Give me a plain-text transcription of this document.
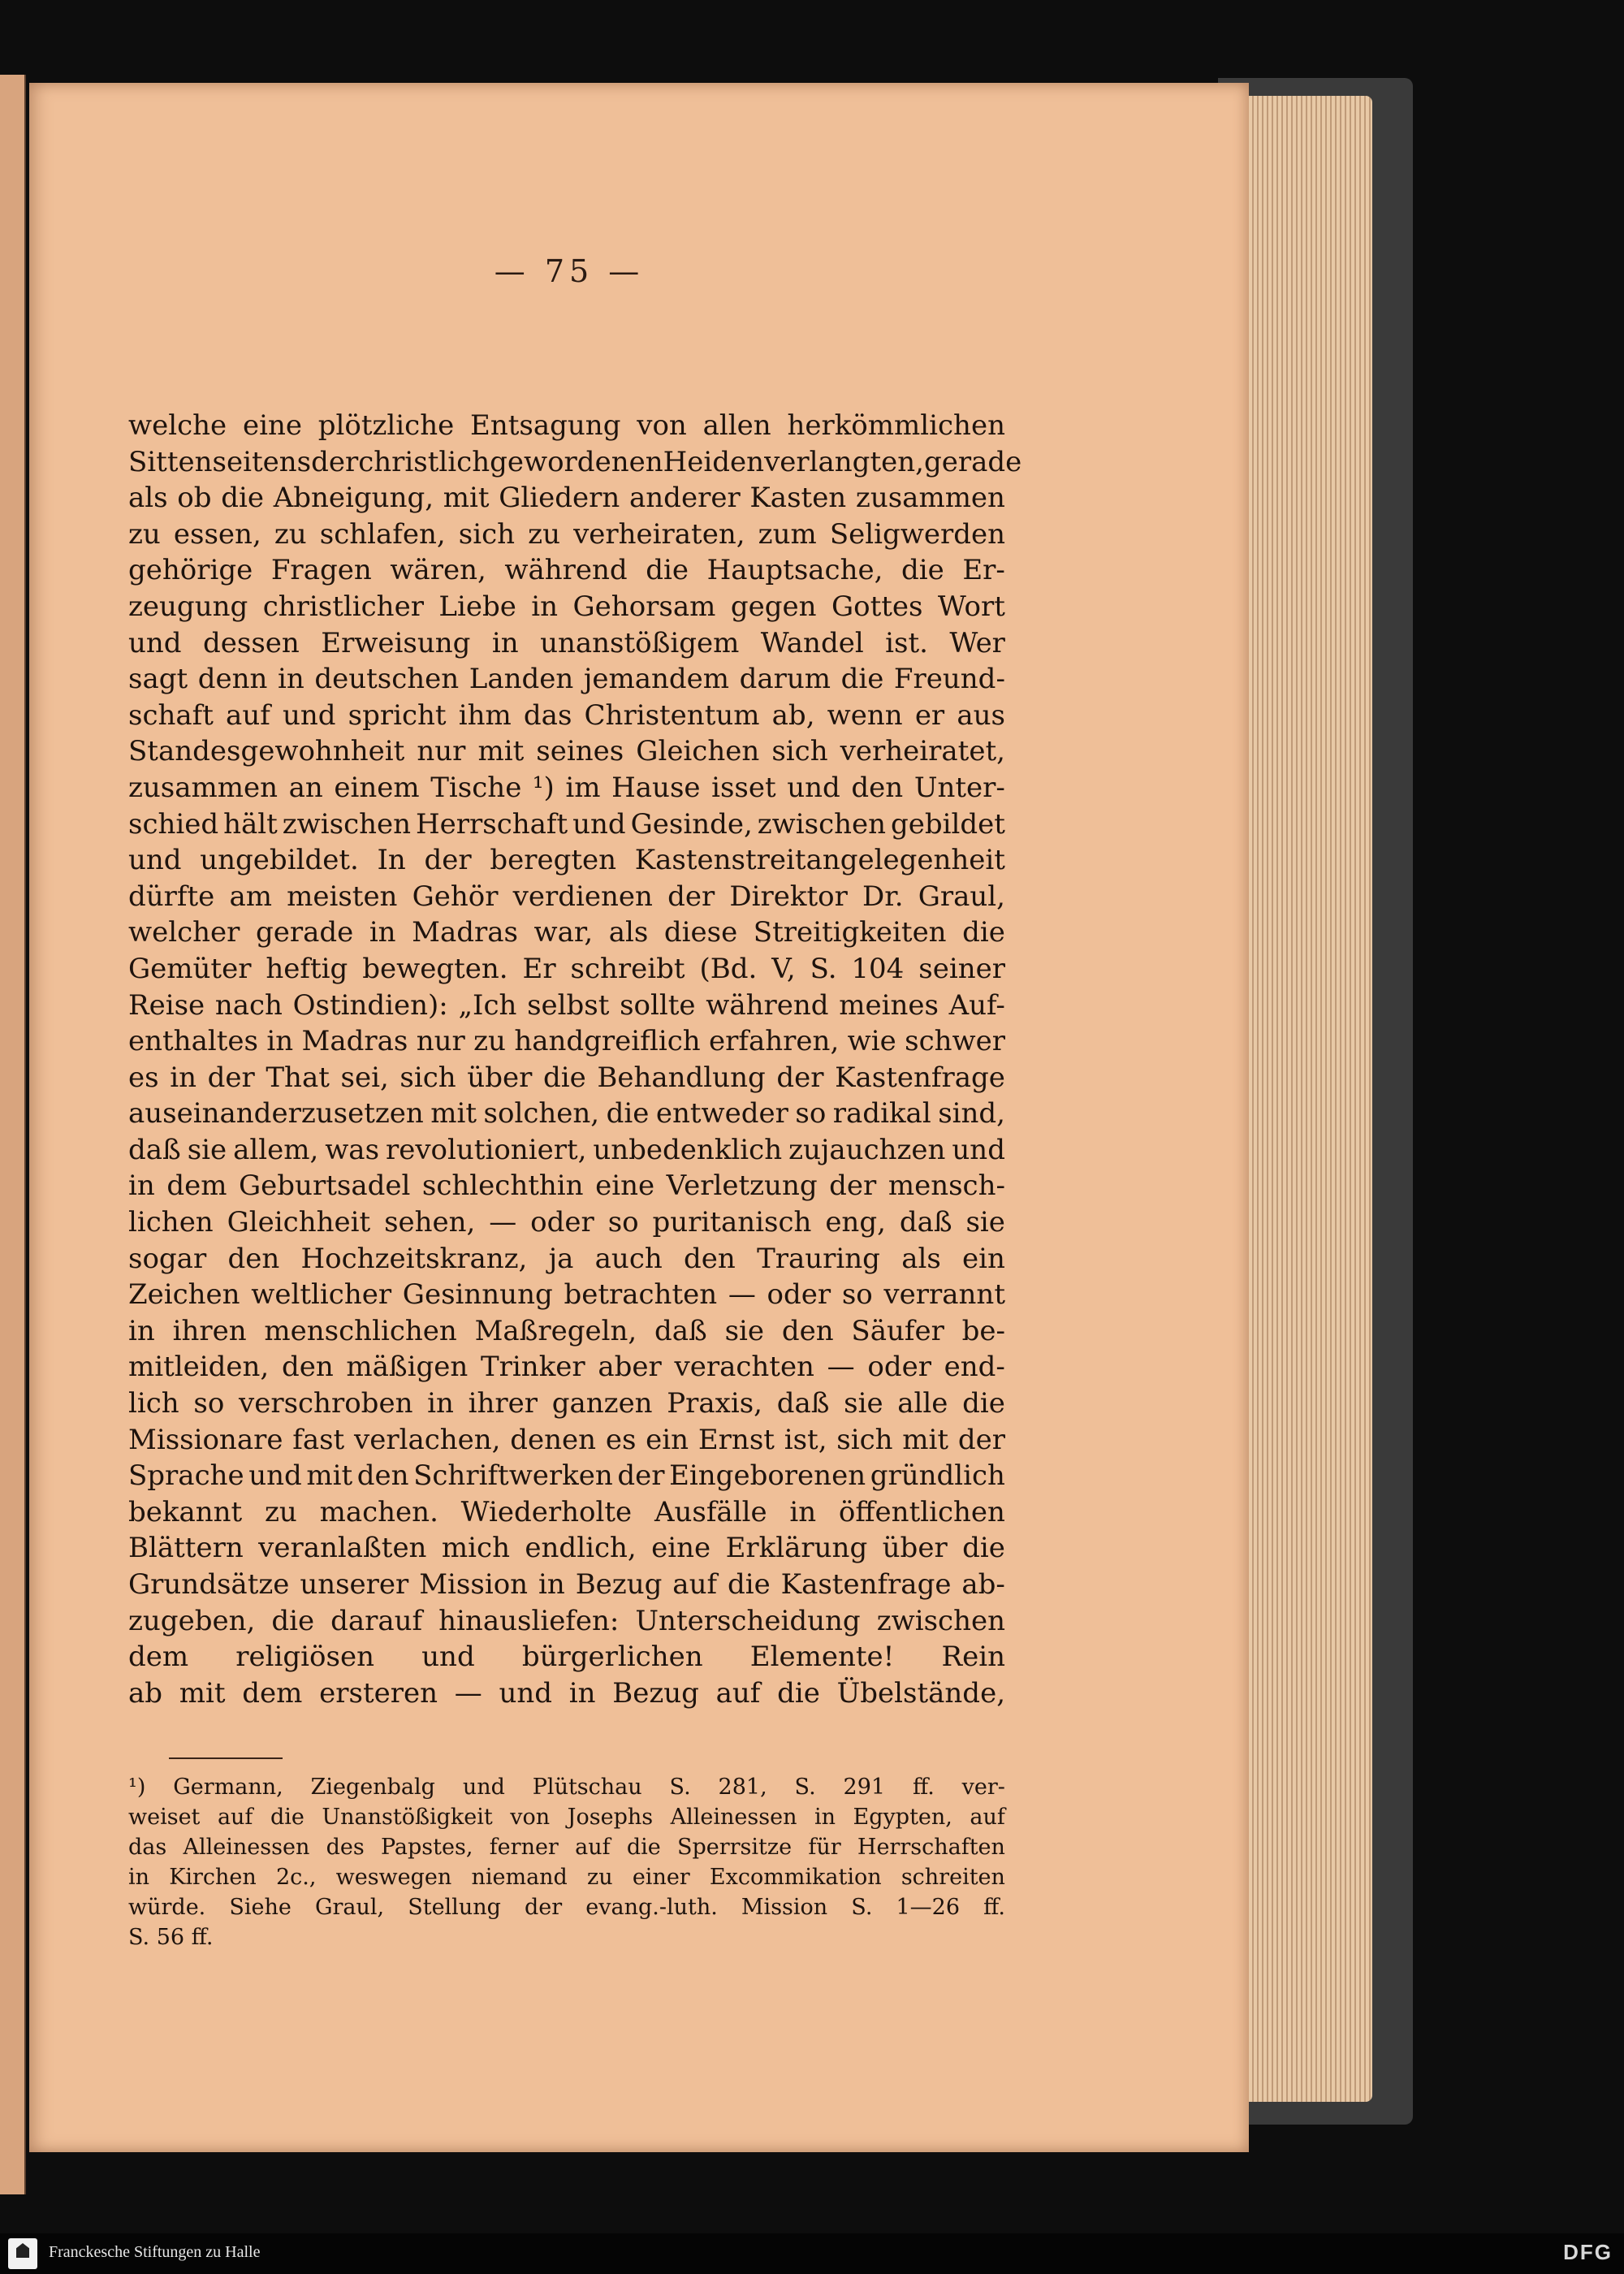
— 75 —
welche eine plötzliche Entsagung von allen herkömmlichen
Sitten seitens der christlichgewordenen Heiden verlangten, gerade
als ob die Abneigung, mit Gliedern anderer Kasten zusammen
zu essen, zu schlafen, sich zu verheiraten, zum Seligwerden
gehörige Fragen wären, während die Hauptsache, die Er-
zeugung christlicher Liebe in Gehorsam gegen Gottes Wort
und dessen Erweisung in unanstößigem Wandel ist. Wer
sagt denn in deutschen Landen jemandem darum die Freund-
schaft auf und spricht ihm das Christentum ab, wenn er aus
Standesgewohnheit nur mit seines Gleichen sich verheiratet,
zusammen an einem Tische ¹) im Hause isset und den Unter-
schied hält zwischen Herrschaft und Gesinde, zwischen gebildet
und ungebildet. In der beregten Kastenstreitangelegenheit
dürfte am meisten Gehör verdienen der Direktor Dr. Graul,
welcher gerade in Madras war, als diese Streitigkeiten die
Gemüter heftig bewegten. Er schreibt (Bd. V, S. 104 seiner
Reise nach Ostindien): „Ich selbst sollte während meines Auf-
enthaltes in Madras nur zu handgreiflich erfahren, wie schwer
es in der That sei, sich über die Behandlung der Kastenfrage
auseinanderzusetzen mit solchen, die entweder so radikal sind,
daß sie allem, was revolutioniert, unbedenklich zujauchzen und
in dem Geburtsadel schlechthin eine Verletzung der mensch-
lichen Gleichheit sehen, — oder so puritanisch eng, daß sie
sogar den Hochzeitskranz, ja auch den Trauring als ein
Zeichen weltlicher Gesinnung betrachten — oder so verrannt
in ihren menschlichen Maßregeln, daß sie den Säufer be-
mitleiden, den mäßigen Trinker aber verachten — oder end-
lich so verschroben in ihrer ganzen Praxis, daß sie alle die
Missionare fast verlachen, denen es ein Ernst ist, sich mit der
Sprache und mit den Schriftwerken der Eingeborenen gründlich
bekannt zu machen. Wiederholte Ausfälle in öffentlichen
Blättern veranlaßten mich endlich, eine Erklärung über die
Grundsätze unserer Mission in Bezug auf die Kastenfrage ab-
zugeben, die darauf hinausliefen: Unterscheidung zwischen
dem religiösen und bürgerlichen Elemente! Rein
ab mit dem ersteren — und in Bezug auf die Übelstände,
¹) Germann, Ziegenbalg und Plütschau S. 281, S. 291 ff. ver-
weiset auf die Unanstößigkeit von Josephs Alleinessen in Egypten, auf
das Alleinessen des Papstes, ferner auf die Sperrsitze für Herrschaften
in Kirchen 2c., weswegen niemand zu einer Excommikation schreiten
würde. Siehe Graul, Stellung der evang.-luth. Mission S. 1—26 ff.
S. 56 ff.
Franckesche Stiftungen zu Halle	DFG
